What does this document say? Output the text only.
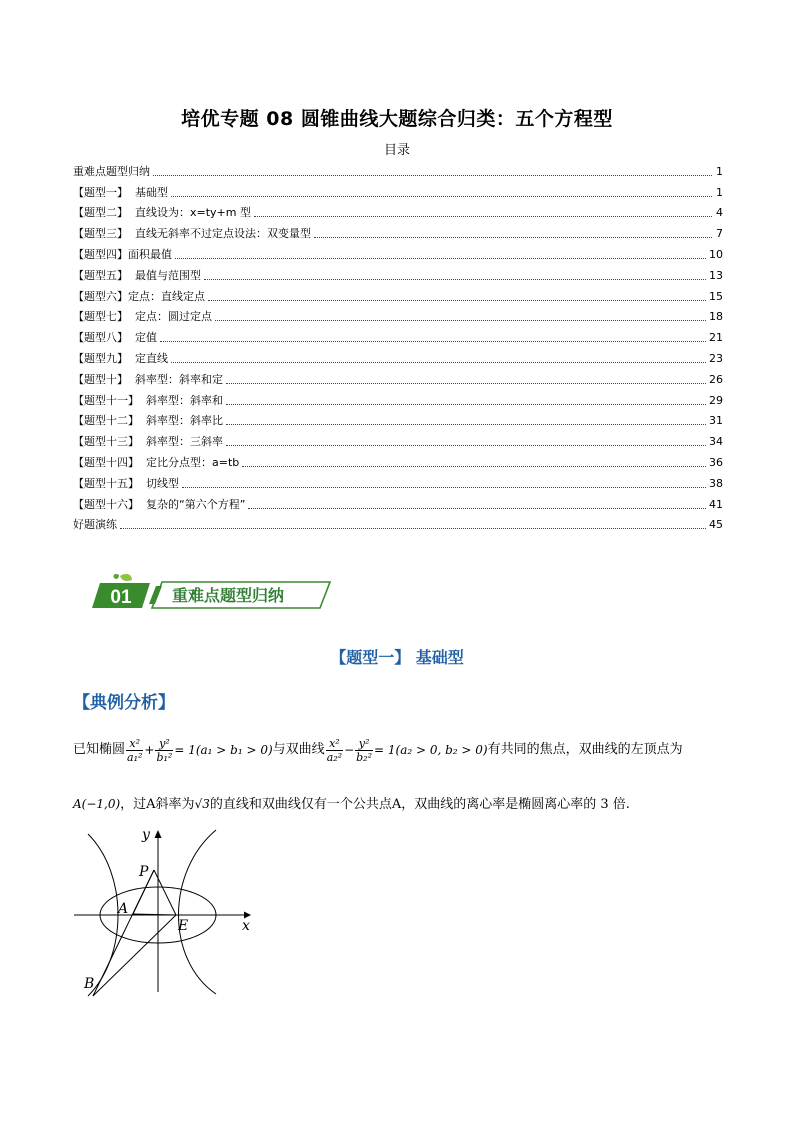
培优专题 08 圆锥曲线大题综合归类：五个方程型
目录
重难点题型归纳	1
【题型一】  基础型	1
【题型二】  直线设为：x=ty+m 型	4
【题型三】  直线无斜率不过定点设法：双变量型	7
【题型四】面积最值	10
【题型五】  最值与范围型	13
【题型六】定点：直线定点	15
【题型七】  定点：圆过定点	18
【题型八】  定值	21
【题型九】  定直线	23
【题型十】  斜率型：斜率和定	26
【题型十一】  斜率型：斜率和	29
【题型十二】  斜率型：斜率比	31
【题型十三】  斜率型：三斜率	34
【题型十四】  定比分点型：a=tb	36
【题型十五】  切线型	38
【题型十六】  复杂的“第六个方程”	41
好题演练	45
01	重难点题型归纳
【题型一】 基础型
【典例分析】
已知椭圆 $\frac{\text{x²}}{\text{a₁²}} + \frac{\text{y²}}{\text{b₁²}} = 1(a_1 > b_1 > 0)$与双曲线 $\frac{\text{x²}}{\text{a₂²}} - \frac{\text{y²}}{\text{b₂²}} = 1(a_2 > 0$, b₂ > 0)有共同的焦点，双曲线的左顶点为
A(−1,0)，过A斜率为√3的直线和双曲线仅有一个公共点A，双曲线的离心率是椭圆离心率的 3 倍.
y
x
P
A
E
B
